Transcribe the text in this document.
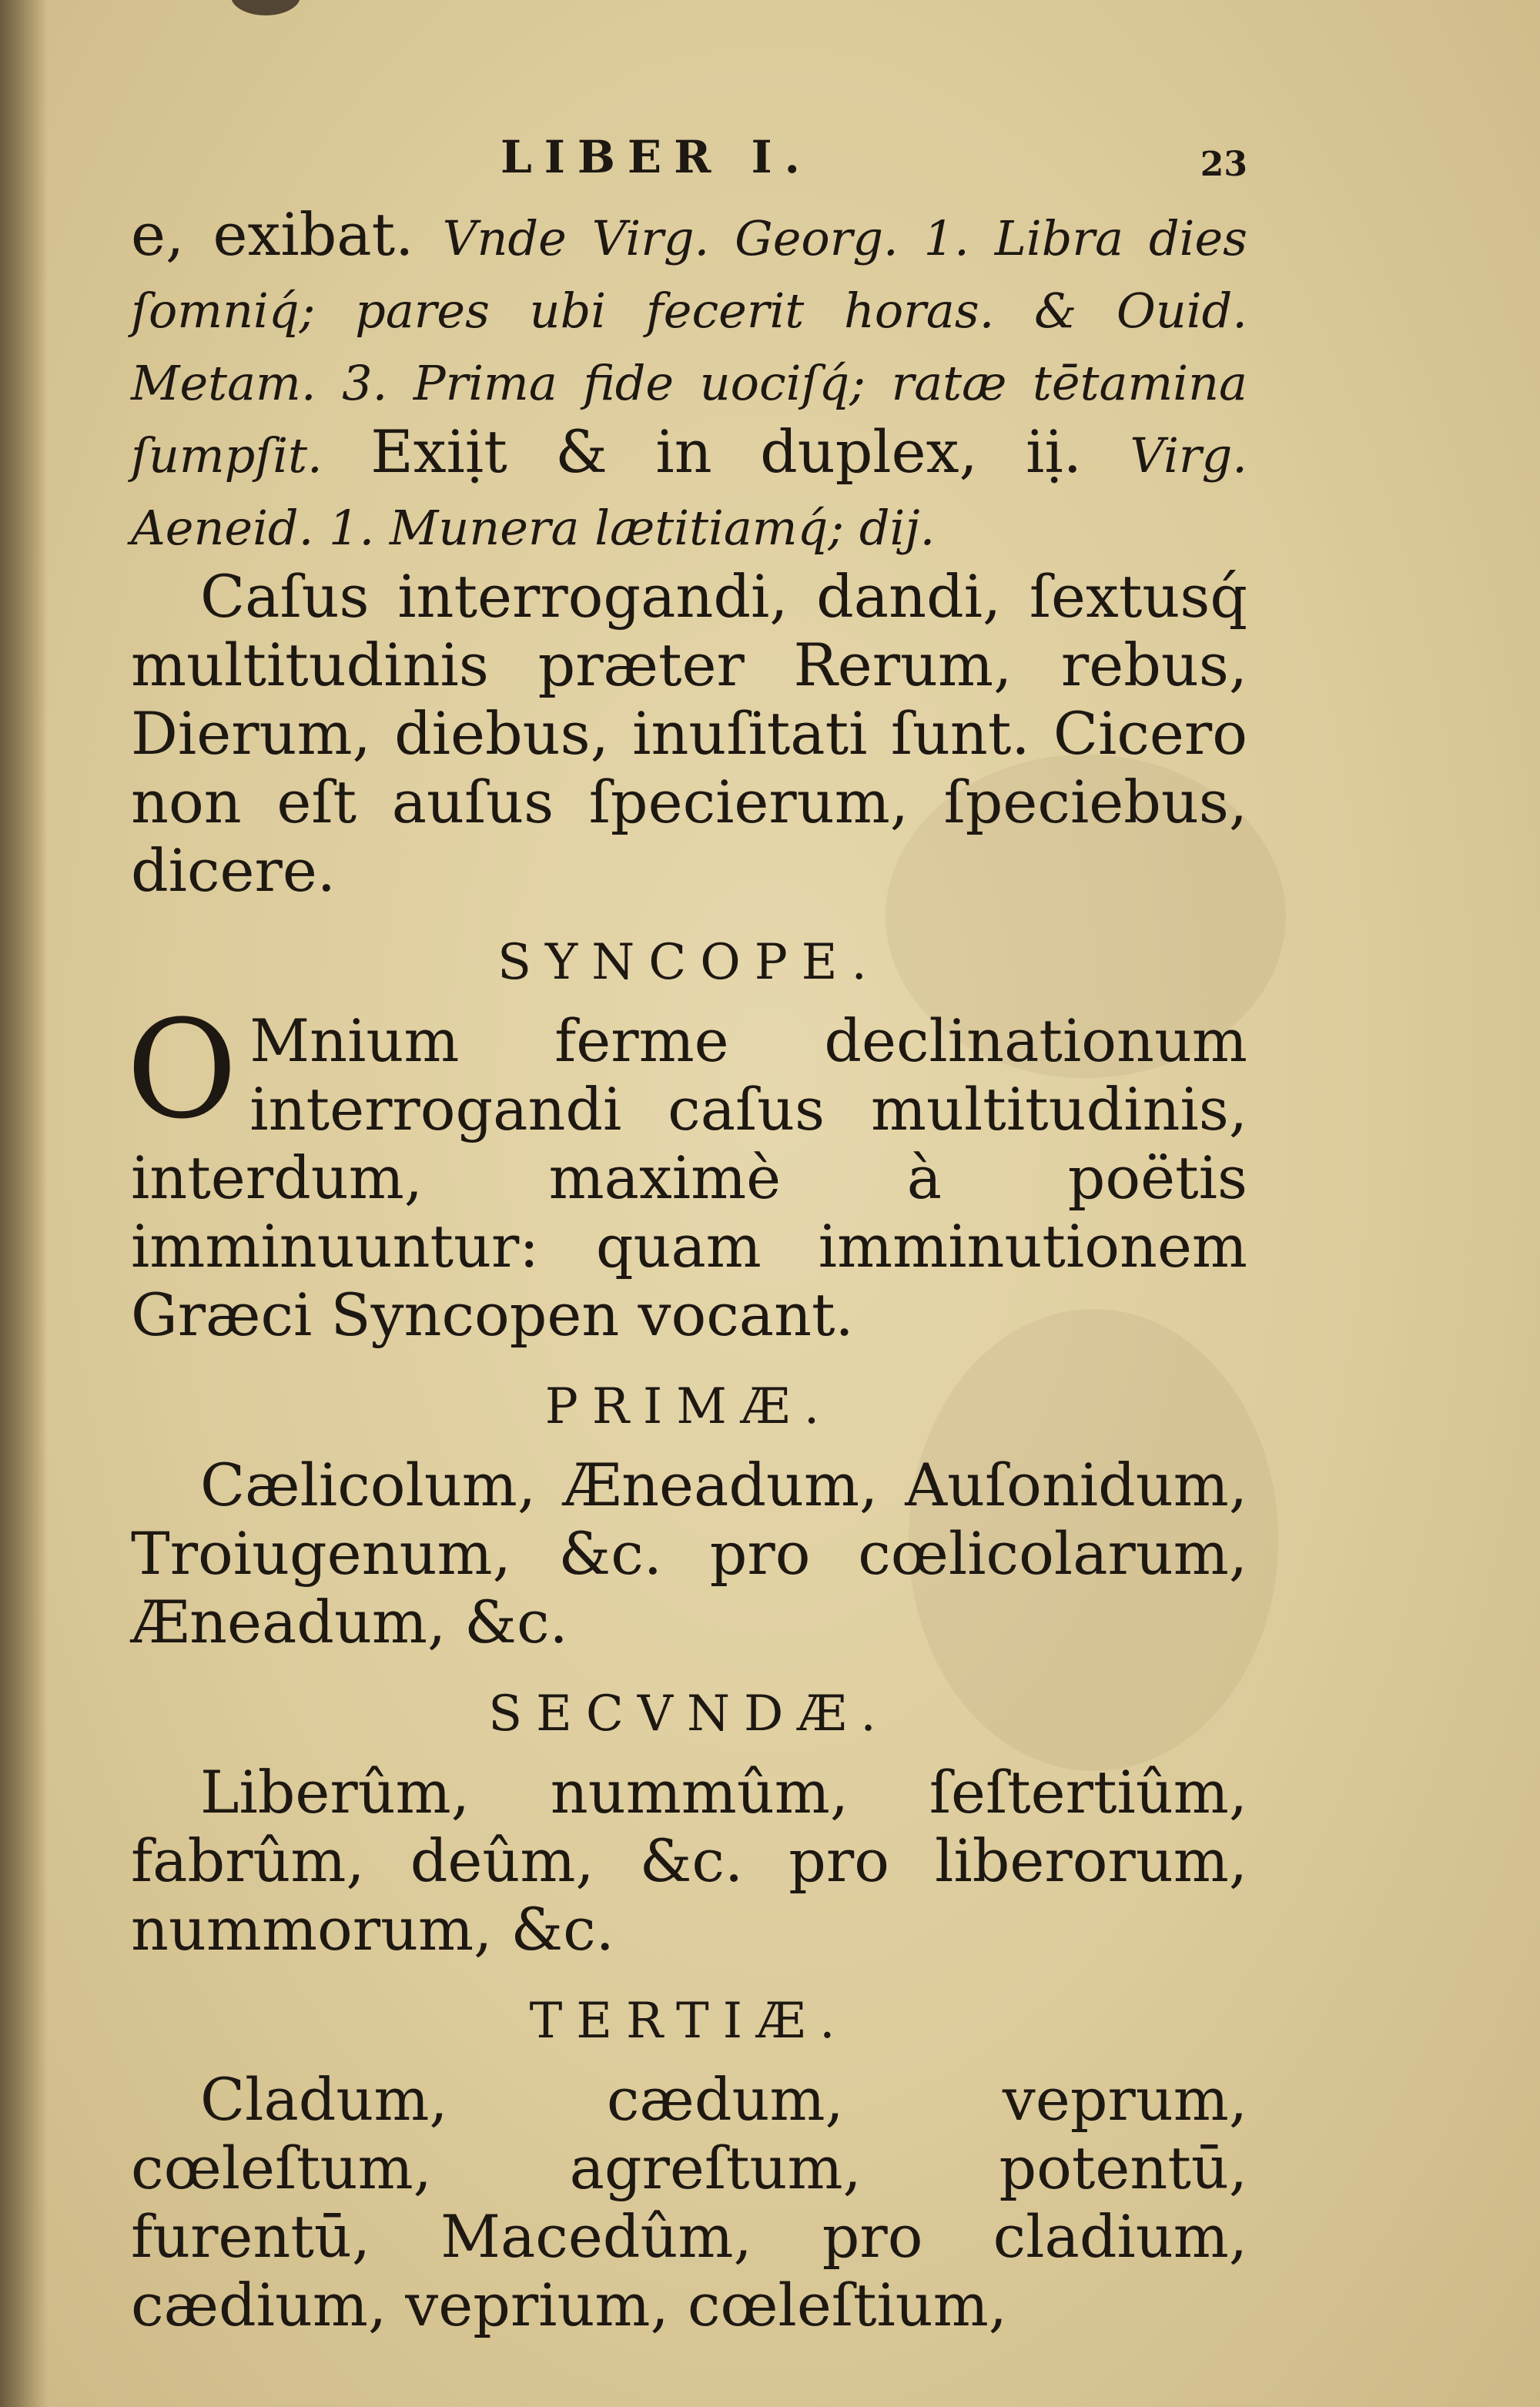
LIBER I.	23

e, exibat. Vnde Virg. Georg. 1. Libra dies ſomniq́; pares ubi fecerit horas. & Ouid. Metam. 3. Prima fide uociſq́; ratæ tētamina ſumpſit. Exiịt & in duplex, iị. Virg. Aeneid. 1. Munera lætitiamq́; dij.

Caſus interrogandi, dandi, ſextusq́ multitudinis præter Rerum, rebus, Dierum, diebus, inuſitati ſunt. Cicero non eſt auſus ſpecierum, ſpeciebus, dicere.

SYNCOPE.
O Mnium ferme declinationum interrogandi caſus multitudinis, interdum, maximè à poëtis imminuuntur: quam imminutionem Græci Syncopen vocant.

PRIMÆ.

Cælicolum, Æneadum, Auſonidum, Troiugenum, &c. pro cœlicolarum, Æneadum, &c.

SECVNDÆ.

Liberûm, nummûm, ſeſtertiûm, fabrûm, deûm, &c. pro liberorum, nummorum, &c.

TERTIÆ.

Cladum, cædum, veprum, cœleſtum, agreſtum, potentū, furentū, Macedûm, pro cladium, cædium, veprium, cœleſtium,
